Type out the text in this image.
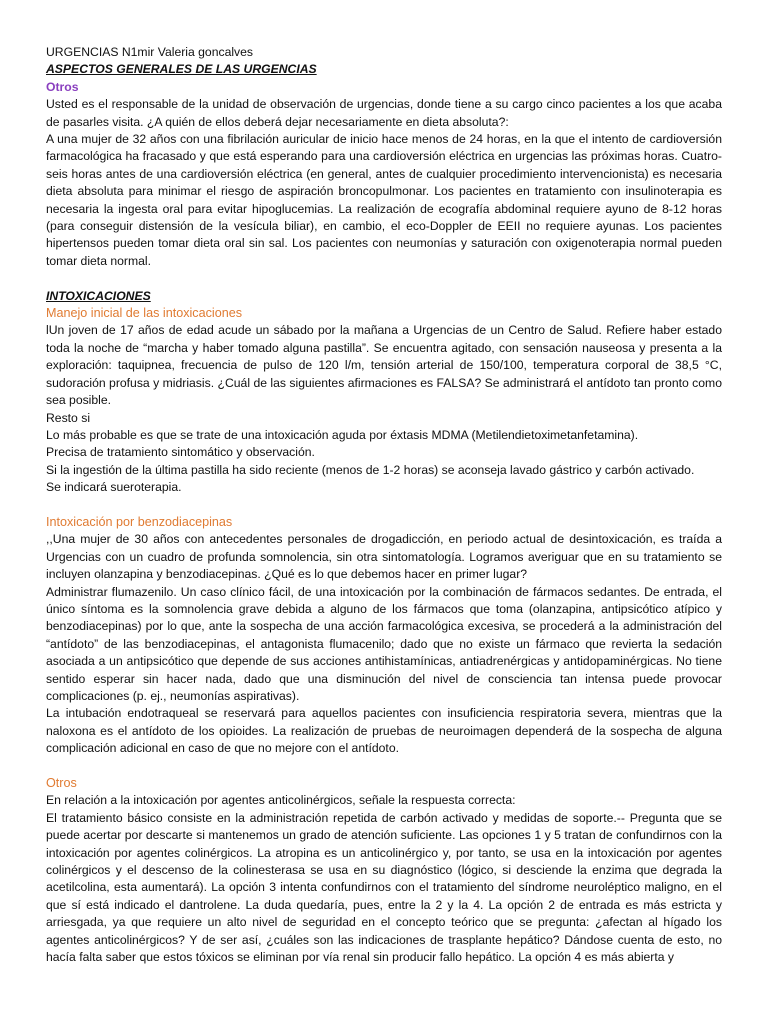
URGENCIAS N1mir Valeria goncalves
ASPECTOS GENERALES DE LAS URGENCIAS
Otros
Usted es el responsable de la unidad de observación de urgencias, donde tiene a su cargo cinco pacientes a los que acaba de pasarles visita. ¿A quién de ellos deberá dejar necesariamente en dieta absoluta?:
A una mujer de 32 años con una fibrilación auricular de inicio hace menos de 24 horas, en la que el intento de cardioversión farmacológica ha fracasado y que está esperando para una cardioversión eléctrica en urgencias las próximas horas. Cuatro-seis horas antes de una cardioversión eléctrica (en general, antes de cualquier procedimiento intervencionista) es necesaria dieta absoluta para minimar el riesgo de aspiración broncopulmonar. Los pacientes en tratamiento con insulinoterapia es necesaria la ingesta oral para evitar hipoglucemias. La realización de ecografía abdominal requiere ayuno de 8-12 horas (para conseguir distensión de la vesícula biliar), en cambio, el eco-Doppler de EEII no requiere ayunas. Los pacientes hipertensos pueden tomar dieta oral sin sal. Los pacientes con neumonías y saturación con oxigenoterapia normal pueden tomar dieta normal.
INTOXICACIONES
Manejo inicial de las intoxicaciones
lUn joven de 17 años de edad acude un sábado por la mañana a Urgencias de un Centro de Salud. Refiere haber estado toda la noche de “marcha y haber tomado alguna pastilla”. Se encuentra agitado, con sensación nauseosa y presenta a la exploración: taquipnea, frecuencia de pulso de 120 l/m, tensión arterial de 150/100, temperatura corporal de 38,5 °C, sudoración profusa y midriasis. ¿Cuál de las siguientes afirmaciones es FALSA? Se administrará el antídoto tan pronto como sea posible.
Resto si
Lo más probable es que se trate de una intoxicación aguda por éxtasis MDMA (Metilendietoximetanfetamina).
Precisa de tratamiento sintomático y observación.
Si la ingestión de la última pastilla ha sido reciente (menos de 1-2 horas) se aconseja lavado gástrico y carbón activado.
Se indicará sueroterapia.
Intoxicación por benzodiacepinas
,,Una mujer de 30 años con antecedentes personales de drogadicción, en periodo actual de desintoxicación, es traída a Urgencias con un cuadro de profunda somnolencia, sin otra sintomatología. Logramos averiguar que en su tratamiento se incluyen olanzapina y benzodiacepinas. ¿Qué es lo que debemos hacer en primer lugar?
Administrar flumazenilo. Un caso clínico fácil, de una intoxicación por la combinación de fármacos sedantes. De entrada, el único síntoma es la somnolencia grave debida a alguno de los fármacos que toma (olanzapina, antipsicótico atípico y benzodiacepinas) por lo que, ante la sospecha de una acción farmacológica excesiva, se procederá a la administración del “antídoto” de las benzodiacepinas, el antagonista flumacenilo; dado que no existe un fármaco que revierta la sedación asociada a un antipsicótico que depende de sus acciones antihistamínicas, antiadrenérgicas y antidopaminérgicas. No tiene sentido esperar sin hacer nada, dado que una disminución del nivel de consciencia tan intensa puede provocar complicaciones (p. ej., neumonías aspirativas).
La intubación endotraqueal se reservará para aquellos pacientes con insuficiencia respiratoria severa, mientras que la naloxona es el antídoto de los opioides. La realización de pruebas de neuroimagen dependerá de la sospecha de alguna complicación adicional en caso de que no mejore con el antídoto.
Otros
En relación a la intoxicación por agentes anticolinérgicos, señale la respuesta correcta:
El tratamiento básico consiste en la administración repetida de carbón activado y medidas de soporte.-- Pregunta que se puede acertar por descarte si mantenemos un grado de atención suficiente. Las opciones 1 y 5 tratan de confundirnos con la intoxicación por agentes colinérgicos. La atropina es un anticolinérgico y, por tanto, se usa en la intoxicación por agentes colinérgicos y el descenso de la colinesterasa se usa en su diagnóstico (lógico, si desciende la enzima que degrada la acetilcolina, esta aumentará). La opción 3 intenta confundirnos con el tratamiento del síndrome neuroléptico maligno, en el que sí está indicado el dantrolene. La duda quedaría, pues, entre la 2 y la 4. La opción 2 de entrada es más estricta y arriesgada, ya que requiere un alto nivel de seguridad en el concepto teórico que se pregunta: ¿afectan al hígado los agentes anticolinérgicos? Y de ser así, ¿cuáles son las indicaciones de trasplante hepático? Dándose cuenta de esto, no hacía falta saber que estos tóxicos se eliminan por vía renal sin producir fallo hepático. La opción 4 es más abierta y
